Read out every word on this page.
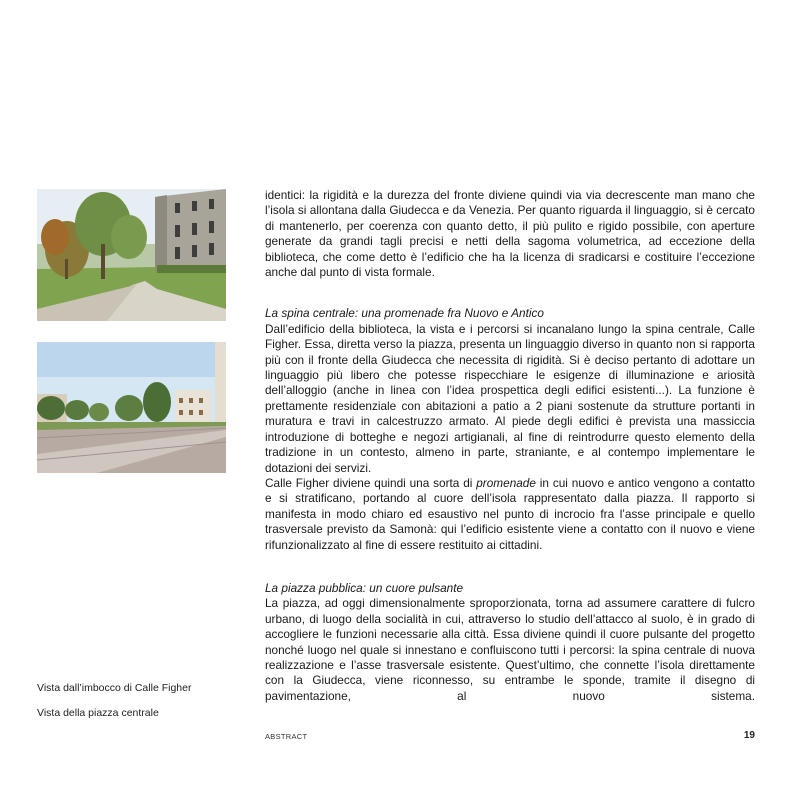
Vista dall’imbocco di Calle Figher
Vista della piazza centrale

identici: la rigidità e la durezza del fronte diviene quindi via via decrescente man mano che l’isola si allontana dalla Giudecca e da Venezia. Per quanto riguarda il linguaggio, si è cercato di mantenerlo, per coerenza con quanto detto, il più pulito e rigido possibile, con aperture generate da grandi tagli precisi e netti della sagoma volumetrica, ad eccezione della biblioteca, che come detto è l’edificio che ha la licenza di sradicarsi e costituire l’eccezione anche dal punto di vista formale.

La spina centrale: una promenade fra Nuovo e Antico

Dall’edificio della biblioteca, la vista e i percorsi si incanalano lungo la spina centrale, Calle Figher. Essa, diretta verso la piazza, presenta un linguaggio diverso in quanto non si rapporta più con il fronte della Giudecca che necessita di rigidità. Si è deciso pertanto di adottare un linguaggio più libero che potesse rispecchiare le esigenze di illuminazione e ariosità dell’alloggio (anche in linea con l’idea prospettica degli edifici esistenti...). La funzione è prettamente residenziale con abitazioni a patio a 2 piani sostenute da strutture portanti in muratura e travi in calcestruzzo armato. Al piede degli edifici è prevista una massiccia introduzione di botteghe e negozi artigianali, al fine di reintrodurre questo elemento della tradizione in un contesto, almeno in parte, straniante, e al contempo implementare le dotazioni dei servizi.

Calle Figher diviene quindi una sorta di promenade in cui nuovo e antico vengono a contatto e si stratificano, portando al cuore dell’isola rappresentato dalla piazza. Il rapporto si manifesta in modo chiaro ed esaustivo nel punto di incrocio fra l’asse principale e quello trasversale previsto da Samonà: qui l’edificio esistente viene a contatto con il nuovo e viene rifunzionalizzato al fine di essere restituito ai cittadini.

La piazza pubblica: un cuore pulsante

La piazza, ad oggi dimensionalmente sproporzionata, torna ad assumere carattere di fulcro urbano, di luogo della socialità in cui, attraverso lo studio dell’attacco al suolo, è in grado di accogliere le funzioni necessarie alla città. Essa diviene quindi il cuore pulsante del progetto nonché luogo nel quale si innestano e confluiscono tutti i percorsi: la spina centrale di nuova realizzazione e l’asse trasversale esistente. Quest’ultimo, che connette l’isola direttamente con la Giudecca, viene riconnesso, su entrambe le sponde, tramite il disegno di pavimentazione, al nuovo sistema.

ABSTRACT	19
